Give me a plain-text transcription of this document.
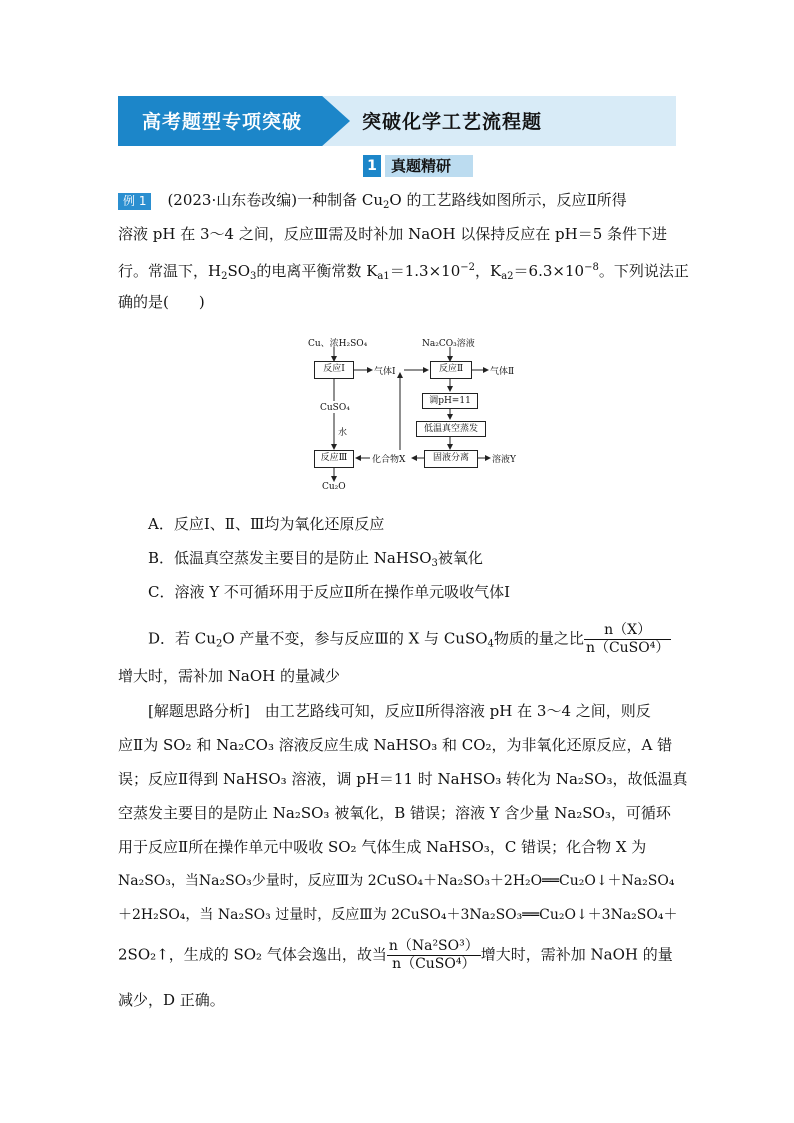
高考题型专项突破	突破化学工艺流程题
1 真题精研
例 1 (2023·山东卷改编)一种制备 $Cu_2O$ 的工艺路线如图所示，反应Ⅱ所得
溶液 pH 在 3～4 之间，反应Ⅲ需及时补加 NaOH 以保持反应在 pH＝5 条件下进
行。常温下，$H_2SO_3$的电离平衡常数 $K_{a1}=1.3\times 10^{-2}$，$K_{a2}=6.3\times 10^{-8}$。下列说法正
确的是(　　)
Cu、浓H₂SO₄	Na₂CO₃溶液
反应Ⅰ	气体Ⅰ	反应Ⅱ	气体Ⅱ
调pH=11
CuSO₄
水	低温真空蒸发
反应Ⅲ	化合物X	固液分离	溶液Y
Cu₂O
A．反应Ⅰ、Ⅱ、Ⅲ均为氧化还原反应
B．低温真空蒸发主要目的是防止 NaHSO$_3$被氧化
C．溶液 Y 不可循环用于反应Ⅱ所在操作单元吸收气体Ⅰ
D．若 $Cu_2O$ 产量不变，参与反应Ⅲ的 X 与 CuSO$_4$物质的量之比 $\frac{n(X)}{\text{n（CuSO⁴）}}$
增大时，需补加 NaOH 的量减少
[解题思路分析]　由工艺路线可知，反应Ⅱ所得溶液 pH 在 3～4 之间，则反
应Ⅱ为 SO₂ 和 Na₂CO₃ 溶液反应生成 NaHSO₃ 和 CO₂，为非氧化还原反应，A 错
误；反应Ⅱ得到 NaHSO₃ 溶液，调 pH＝11 时 NaHSO₃ 转化为 Na₂SO₃，故低温真
空蒸发主要目的是防止 Na₂SO₃ 被氧化，B 错误；溶液 Y 含少量 Na₂SO₃，可循环
用于反应Ⅱ所在操作单元中吸收 SO₂ 气体生成 NaHSO₃，C 错误；化合物 X 为
Na₂SO₃，当Na₂SO₃少量时，反应Ⅲ为 2CuSO₄＋Na₂SO₃＋2H₂O══Cu₂O↓＋Na₂SO₄
＋2H₂SO₄，当 Na₂SO₃ 过量时，反应Ⅲ为 2CuSO₄＋3Na₂SO₃══Cu₂O↓＋3Na₂SO₄＋
2SO₂↑，生成的 SO₂ 气体会逸出，故当 $\frac{\text{n（Na²SO³）}}{\text{n（CuSO⁴）}}$ 增大时，需补加 NaOH 的量
减少，D 正确。
